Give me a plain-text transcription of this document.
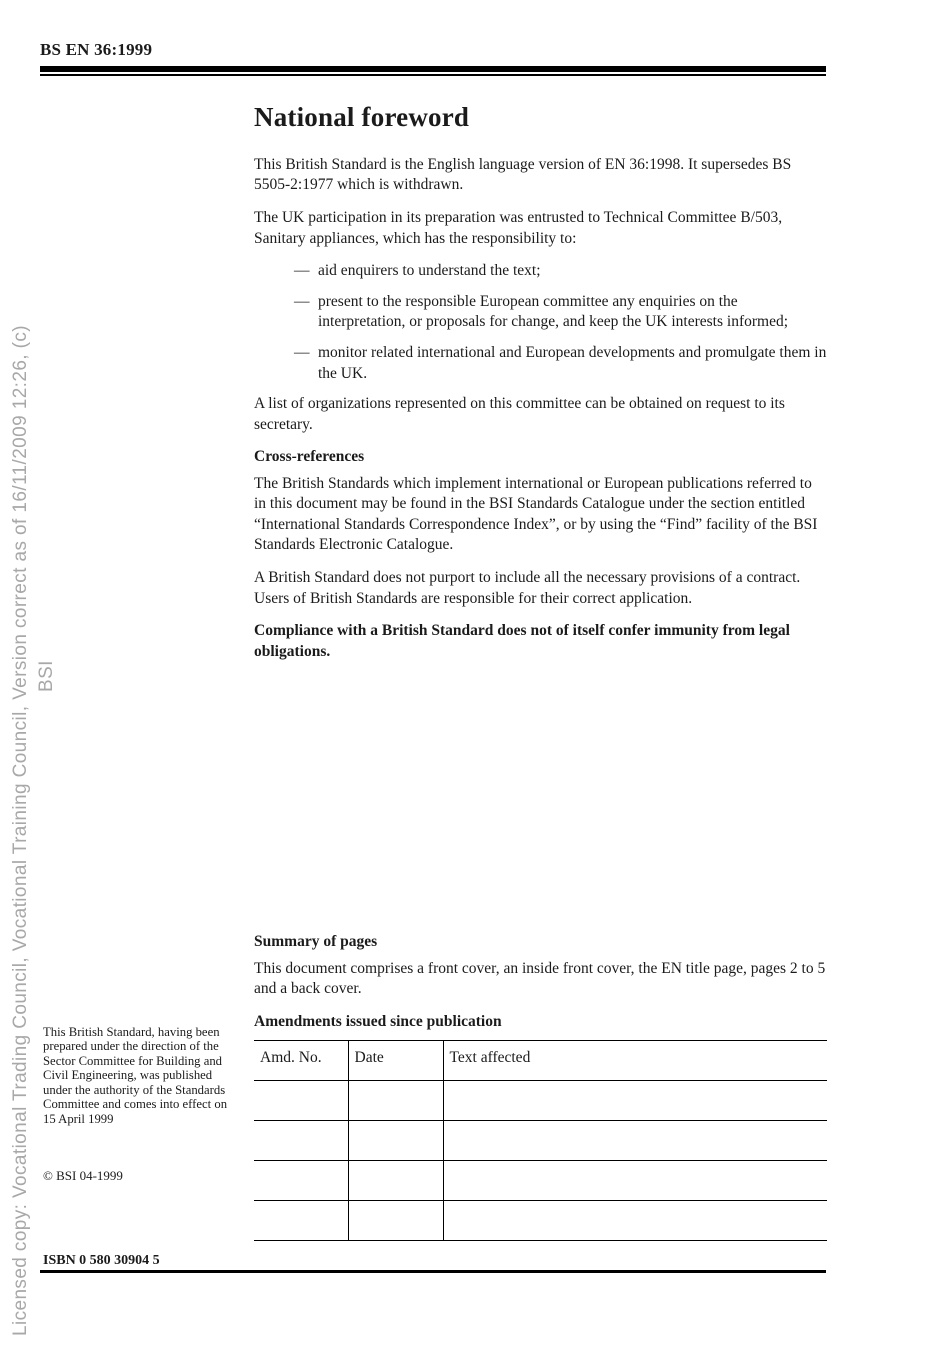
Licensed copy: Vocational Trading Council, Vocational Training Council, Version correct as of 16/11/2009 12:26, (c) BSI
BS EN 36:1999
National foreword

This British Standard is the English language version of EN 36:1998. It supersedes BS 5505-2:1977 which is withdrawn.

The UK participation in its preparation was entrusted to Technical Committee B/503, Sanitary appliances, which has the responsibility to:

— aid enquirers to understand the text;
— present to the responsible European committee any enquiries on the interpretation, or proposals for change, and keep the UK interests informed;
— monitor related international and European developments and promulgate them in the UK.

A list of organizations represented on this committee can be obtained on request to its secretary.

Cross-references

The British Standards which implement international or European publications referred to in this document may be found in the BSI Standards Catalogue under the section entitled “International Standards Correspondence Index”, or by using the “Find” facility of the BSI Standards Electronic Catalogue.

A British Standard does not purport to include all the necessary provisions of a contract. Users of British Standards are responsible for their correct application.

Compliance with a British Standard does not of itself confer immunity from legal obligations.

Summary of pages

This document comprises a front cover, an inside front cover, the EN title page, pages 2 to 5 and a back cover.

Amendments issued since publication
Amd. No.	Date	Text affected

This British Standard, having been prepared under the direction of the Sector Committee for Building and Civil Engineering, was published under the authority of the Standards Committee and comes into effect on 15 April 1999
© BSI 04-1999
ISBN 0 580 30904 5
